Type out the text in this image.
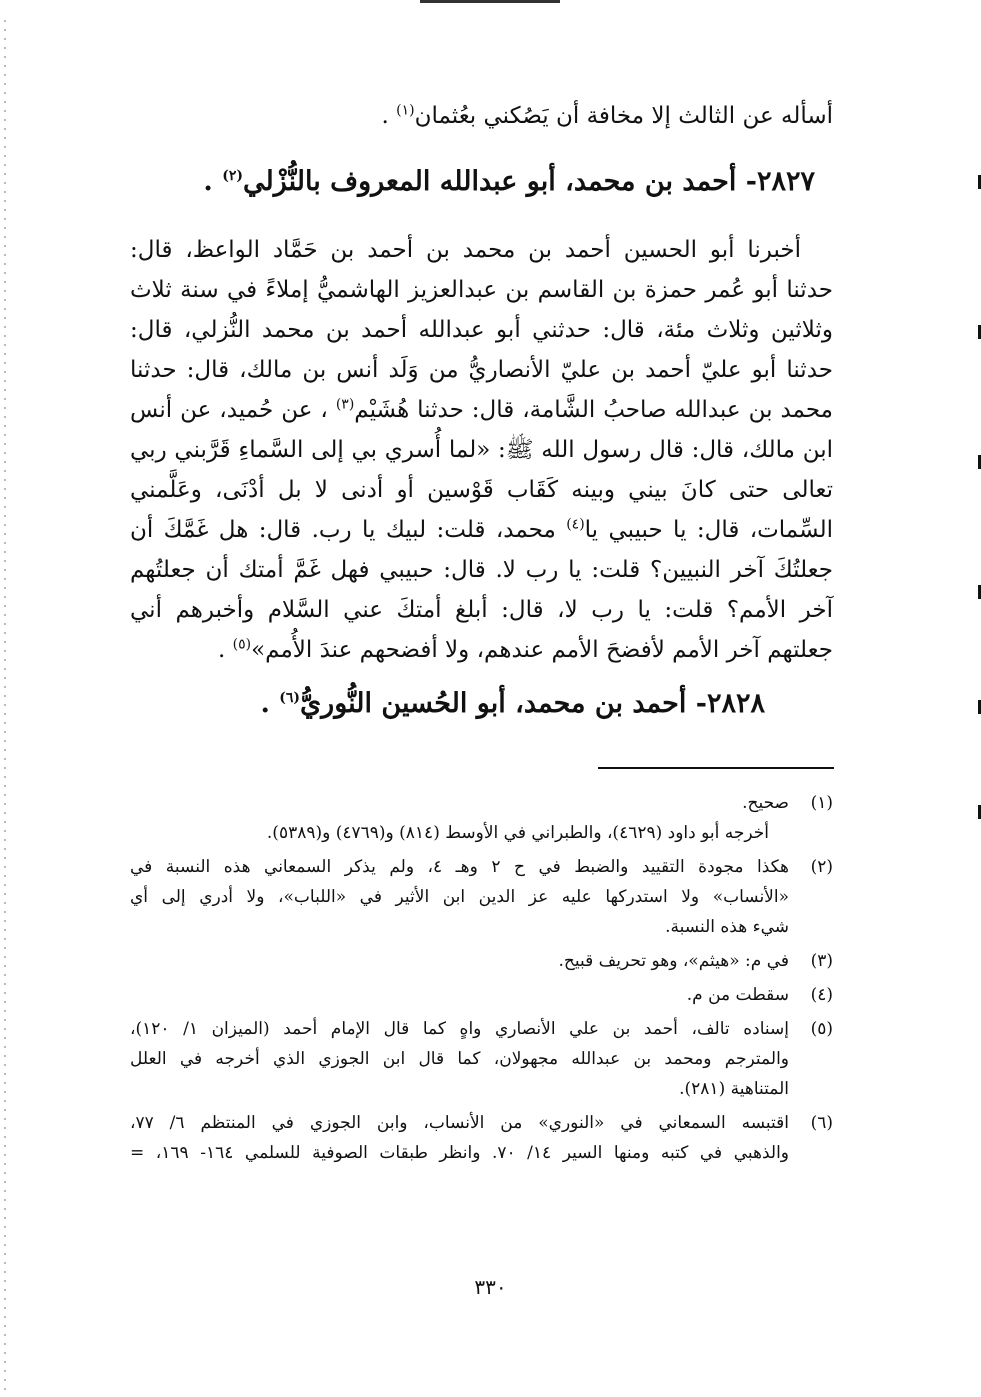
أسأله عن الثالث إلا مخافة أن يَصُكني بعُثمان$^{(١)}$ .
٢٨٢٧- أحمد بن محمد، أبو عبدالله المعروف بالنُّزْلي$^{(٢)}$ .
أخبرنا أبو الحسين أحمد بن محمد بن أحمد بن حَمَّاد الواعظ، قال:
حدثنا أبو عُمر حمزة بن القاسم بن عبدالعزيز الهاشميُّ إملاءً في سنة ثلاث
وثلاثين وثلاث مئة، قال: حدثني أبو عبدالله أحمد بن محمد النُّزلي، قال:
حدثنا أبو عليّ أحمد بن عليّ الأنصاريُّ من وَلَد أنس بن مالك، قال: حدثنا
محمد بن عبدالله صاحبُ الشَّامة، قال: حدثنا هُشَيْم$^{(٣)}$ ، عن حُميد، عن أنس
ابن مالك، قال: قال رسول الله ﷺ: «لما أُسري بي إلى السَّماءِ قَرَّبني ربي
تعالى حتى كانَ بيني وبينه كَقَاب قَوْسين أو أدنى لا بل أدْنَى، وعَلَّمني
السِّمات، قال: يا حبيبي يا$^{(٤)}$ محمد، قلت: لبيك يا رب. قال: هل غَمَّكَ أن
جعلتُكَ آخر النبيين؟ قلت: يا رب لا. قال: حبيبي فهل غَمَّ أمتك أن جعلتُهم
آخر الأمم؟ قلت: يا رب لا، قال: أبلغ أمتكَ عني السَّلام وأخبرهم أني
جعلتهم آخر الأمم لأفضحَ الأمم عندهم، ولا أفضحهم عندَ الأُمم»$^{(٥)}$ .
٢٨٢٨- أحمد بن محمد، أبو الحُسين النُّوريُّ$^{(٦)}$ .
(١)
صحيح.
أخرجه أبو داود (٤٦٢٩)، والطبراني في الأوسط (٨١٤) و(٤٧٦٩) و(٥٣٨٩).
(٢)
هكذا مجودة التقييد والضبط في ح ٢ وهـ ٤، ولم يذكر السمعاني هذه النسبة في
«الأنساب» ولا استدركها عليه عز الدين ابن الأثير في «اللباب»، ولا أدري إلى أي
شيء هذه النسبة.
(٣)
في م: «هيثم»، وهو تحريف قبيح.
(٤)
سقطت من م.
(٥)
إسناده تالف، أحمد بن علي الأنصاري واهٍ كما قال الإمام أحمد (الميزان ١/ ١٢٠)،
والمترجم ومحمد بن عبدالله مجهولان، كما قال ابن الجوزي الذي أخرجه في العلل
المتناهية (٢٨١).
(٦)
اقتبسه السمعاني في «النوري» من الأنساب، وابن الجوزي في المنتظم ٦/ ٧٧،
والذهبي في كتبه ومنها السير ١٤/ ٧٠. وانظر طبقات الصوفية للسلمي ١٦٤- ١٦٩، =
٣٣٠
